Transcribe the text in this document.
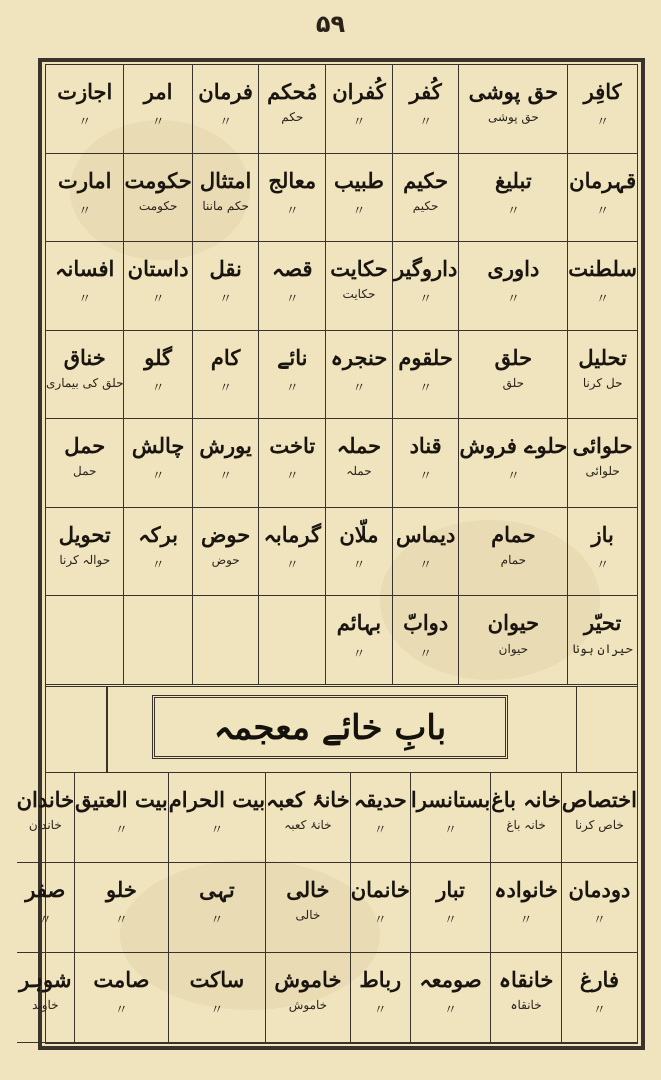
۵۹
کافِر
〃
حق پوشی
حق پوشی
کُفر
〃
کُفران
〃
مُحکم
حکم
فرمان
〃
امر
〃
اجازت
〃
قہرمان
〃
تبلیغ
〃
حکیم
حکیم
طبیب
〃
معالج
〃
امتثال
حکم ماننا
حکومت
حکومت
امارت
〃
سلطنت
〃
داوری
〃
داروگیر
〃
حکایت
حکایت
قصہ
〃
نقل
〃
داستان
〃
افسانہ
〃
تحلیل
حل کرنا
حلق
حلق
حلقوم
〃
حنجرہ
〃
نائے
〃
کام
〃
گلو
〃
خناق
حلق کی بیماری
حلوائی
حلوائی
حلوے فروش
〃
قناد
〃
حملہ
حملہ
تاخت
〃
یورش
〃
چالش
〃
حمل
حمل
باز
〃
حمام
حمام
دیماس
〃
ملّان
〃
گرمابہ
〃
حوض
حوض
برکہ
〃
تحویل
حوالہ کرنا
تحیّر
حیران ہونا
حیوان
حیوان
دوابّ
〃
بہائم
〃
بابِ خائے معجمہ
اختصاص
خاص کرنا
خانہ باغ
خانہ باغ
بستانسرا
〃
حدیقہ
〃
خانۂ کعبہ
خانۂ کعبہ
بیت الحرام
〃
بیت العتیق
〃
خاندان
خاندان
دودمان
〃
خانوادہ
〃
تبار
〃
خانمان
〃
خالی
خالی
تہی
〃
خلو
〃
صفر
〃
فارغ
〃
خانقاہ
خانقاہ
صومعہ
〃
رباط
〃
خاموش
خاموش
ساکت
〃
صامت
〃
شوہر
خاوند
